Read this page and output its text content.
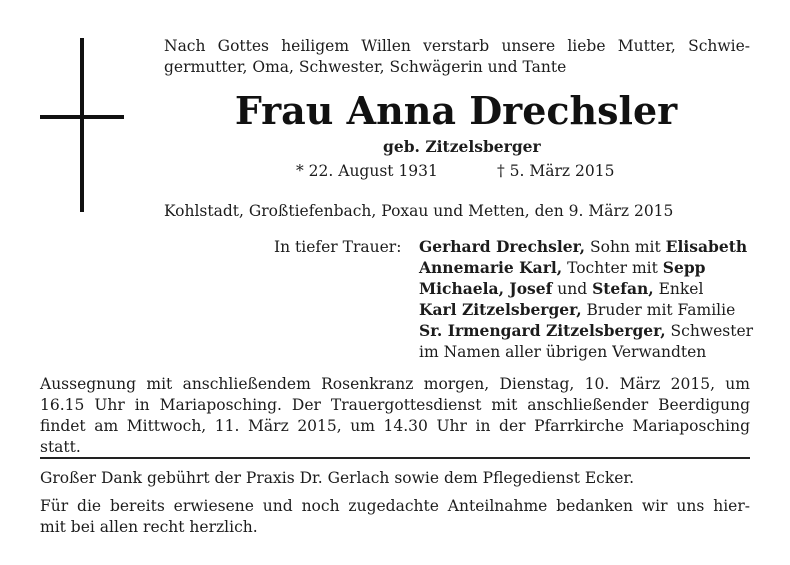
Nach Gottes heiligem Willen verstarb unsere liebe Mutter, Schwie-
germutter, Oma, Schwester, Schwägerin und Tante
Frau Anna Drechsler
geb. Zitzelsberger
* 22. August 1931	† 5. März 2015
Kohlstadt, Großtiefenbach, Poxau und Metten, den 9. März 2015
In tiefer Trauer: Gerhard Drechsler, Sohn mit Elisabeth
Annemarie Karl, Tochter mit Sepp
Michaela, Josef und Stefan, Enkel
Karl Zitzelsberger, Bruder mit Familie
Sr. Irmengard Zitzelsberger, Schwester
im Namen aller übrigen Verwandten
Aussegnung mit anschließendem Rosenkranz morgen, Dienstag, 10. März 2015, um
16.15 Uhr in Mariaposching. Der Trauergottesdienst mit anschließender Beerdigung
findet am Mittwoch, 11. März 2015, um 14.30 Uhr in der Pfarrkirche Mariaposching
statt.
Großer Dank gebührt der Praxis Dr. Gerlach sowie dem Pflegedienst Ecker.
Für die bereits erwiesene und noch zugedachte Anteilnahme bedanken wir uns hier-
mit bei allen recht herzlich.
